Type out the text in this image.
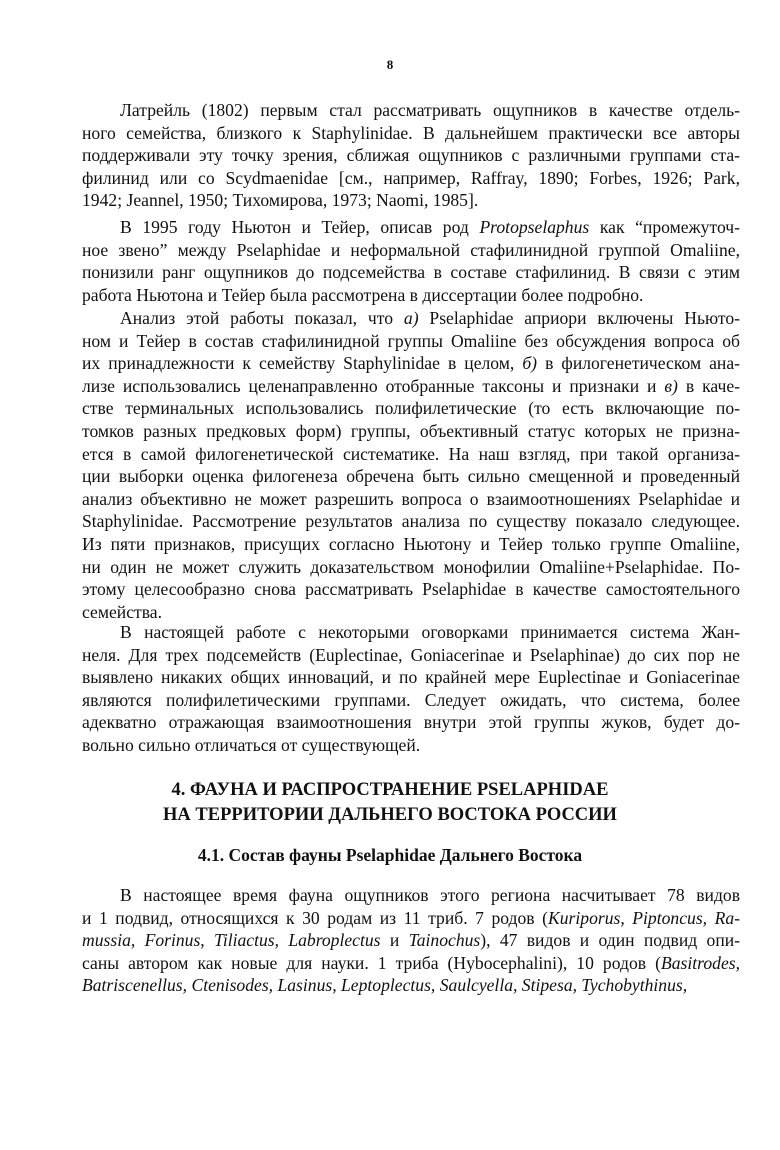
8
Латрейль (1802) первым стал рассматривать ощупников в качестве отдель-
ного семейства, близкого к Staphylinidae. В дальнейшем практически все авторы
поддерживали эту точку зрения, сближая ощупников с различными группами ста-
филинид или со Scydmaenidae [см., например, Raffray, 1890; Forbes, 1926; Park,
1942; Jeannel, 1950; Тихомирова, 1973; Naomi, 1985].
В 1995 году Ньютон и Тейер, описав род Protopselaphus как “промежуточ-
ное звено” между Pselaphidae и неформальной стафилинидной группой Omaliine,
понизили ранг ощупников до подсемейства в составе стафилинид. В связи с этим
работа Ньютона и Тейер была рассмотрена в диссертации более подробно.
Анализ этой работы показал, что а) Pselaphidae априори включены Ньюто-
ном и Тейер в состав стафилинидной группы Omaliine без обсуждения вопроса об
их принадлежности к семейству Staphylinidae в целом, б) в филогенетическом ана-
лизе использовались целенаправленно отобранные таксоны и признаки и в) в каче-
стве терминальных использовались полифилетические (то есть включающие по-
томков разных предковых форм) группы, объективный статус которых не призна-
ется в самой филогенетической систематике. На наш взгляд, при такой организа-
ции выборки оценка филогенеза обречена быть сильно смещенной и проведенный
анализ объективно не может разрешить вопроса о взаимоотношениях Pselaphidae и
Staphylinidae. Рассмотрение результатов анализа по существу показало следующее.
Из пяти признаков, присущих согласно Ньютону и Тейер только группе Omaliine,
ни один не может служить доказательством монофилии Omaliine+Pselaphidae. По-
этому целесообразно снова рассматривать Pselaphidae в качестве самостоятельного
семейства.
В настоящей работе с некоторыми оговорками принимается система Жан-
неля. Для трех подсемейств (Euplectinae, Goniacerinae и Pselaphinae) до сих пор не
выявлено никаких общих инноваций, и по крайней мере Euplectinae и Goniacerinae
являются полифилетическими группами. Следует ожидать, что система, более
адекватно отражающая взаимоотношения внутри этой группы жуков, будет до-
вольно сильно отличаться от существующей.
4. ФАУНА И РАСПРОСТРАНЕНИЕ PSELAPHIDAE
НА ТЕРРИТОРИИ ДАЛЬНЕГО ВОСТОКА РОССИИ
4.1. Состав фауны Pselaphidae Дальнего Востока
В настоящее время фауна ощупников этого региона насчитывает 78 видов
и 1 подвид, относящихся к 30 родам из 11 триб. 7 родов (Kuriporus, Piptoncus, Ra-
mussia, Forinus, Tiliactus, Labroplectus и Tainochus), 47 видов и один подвид опи-
саны автором как новые для науки. 1 триба (Hybocephalini), 10 родов (Basitrodes,
Batriscenellus, Ctenisodes, Lasinus, Leptoplectus, Saulcyella, Stipesa, Tychobythinus,
